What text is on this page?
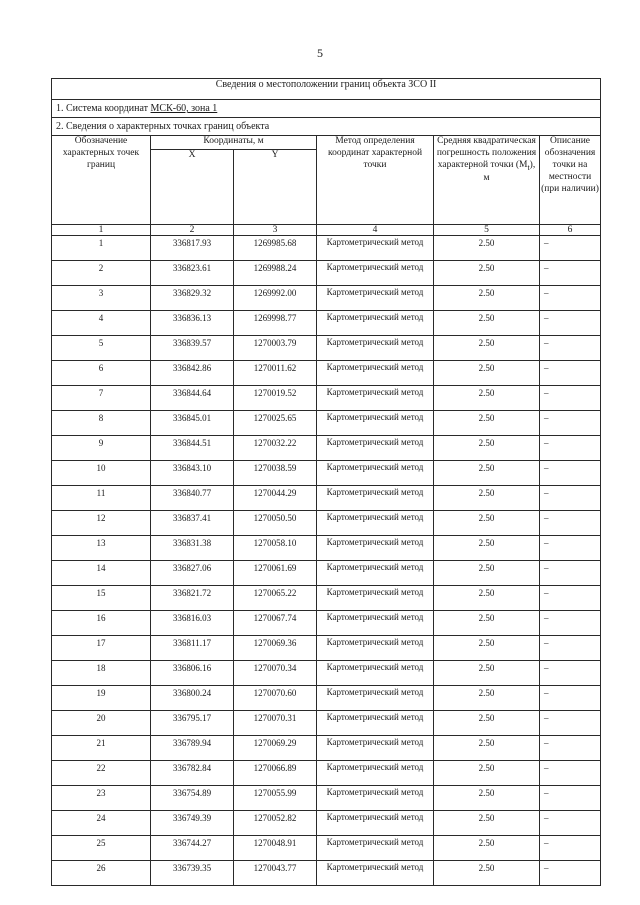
5
Сведения о местоположении границ объекта ЗСО II					
1. Система координат МСК-60, зона 1					
2. Сведения о характерных точках границ объекта					
Обозначение характерных точек границ	Координаты, м		Метод определения координат характерной точки	Средняя квадратическая погрешность положения характерной точки $(M_t)$, м	Описание обозначения точки на местности (при наличии)
	X	Y			
1	2	3	4	5	6
1	336817.93	1269985.68	Картометрический метод	2.50	–
2	336823.61	1269988.24	Картометрический метод	2.50	–
3	336829.32	1269992.00	Картометрический метод	2.50	–
4	336836.13	1269998.77	Картометрический метод	2.50	–
5	336839.57	1270003.79	Картометрический метод	2.50	–
6	336842.86	1270011.62	Картометрический метод	2.50	–
7	336844.64	1270019.52	Картометрический метод	2.50	–
8	336845.01	1270025.65	Картометрический метод	2.50	–
9	336844.51	1270032.22	Картометрический метод	2.50	–
10	336843.10	1270038.59	Картометрический метод	2.50	–
11	336840.77	1270044.29	Картометрический метод	2.50	–
12	336837.41	1270050.50	Картометрический метод	2.50	–
13	336831.38	1270058.10	Картометрический метод	2.50	–
14	336827.06	1270061.69	Картометрический метод	2.50	–
15	336821.72	1270065.22	Картометрический метод	2.50	–
16	336816.03	1270067.74	Картометрический метод	2.50	–
17	336811.17	1270069.36	Картометрический метод	2.50	–
18	336806.16	1270070.34	Картометрический метод	2.50	–
19	336800.24	1270070.60	Картометрический метод	2.50	–
20	336795.17	1270070.31	Картометрический метод	2.50	–
21	336789.94	1270069.29	Картометрический метод	2.50	–
22	336782.84	1270066.89	Картометрический метод	2.50	–
23	336754.89	1270055.99	Картометрический метод	2.50	–
24	336749.39	1270052.82	Картометрический метод	2.50	–
25	336744.27	1270048.91	Картометрический метод	2.50	–
26	336739.35	1270043.77	Картометрический метод	2.50	–
